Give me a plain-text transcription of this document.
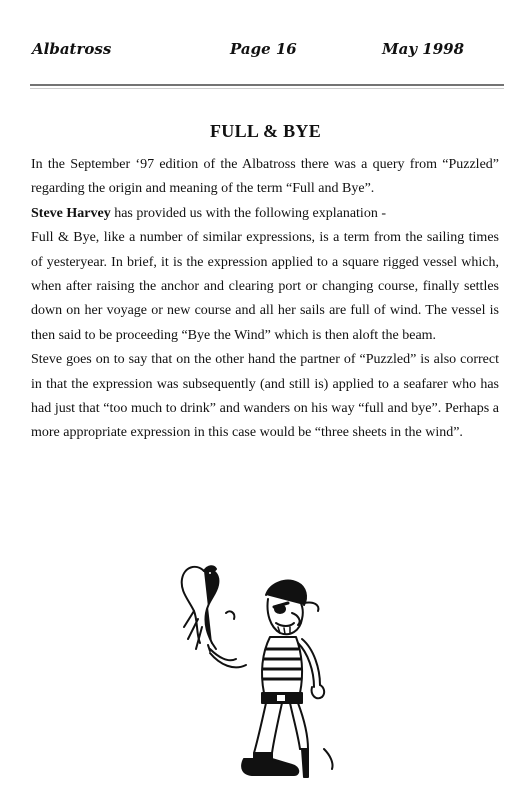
Albatross	Page 16	May 1998
FULL & BYE

In the September ‘97 edition of the Albatross there was a query from “Puzzled” regarding the origin and meaning of the term “Full and Bye”.

Steve Harvey has provided us with the following explanation -

Full & Bye, like a number of similar expressions, is a term from the sailing times of yesteryear. In brief, it is the expression applied to a square rigged vessel which, when after raising the anchor and clearing port or changing course, finally settles down on her voyage or new course and all her sails are full of wind. The vessel is then said to be proceeding “Bye the Wind” which is then aloft the beam.

Steve goes on to say that on the other hand the partner of “Puzzled” is also correct in that the expression was subsequently (and still is) applied to a seafarer who has had just that “too much to drink” and wanders on his way “full and bye”. Perhaps a more appropriate expression in this case would be “three sheets in the wind”.
